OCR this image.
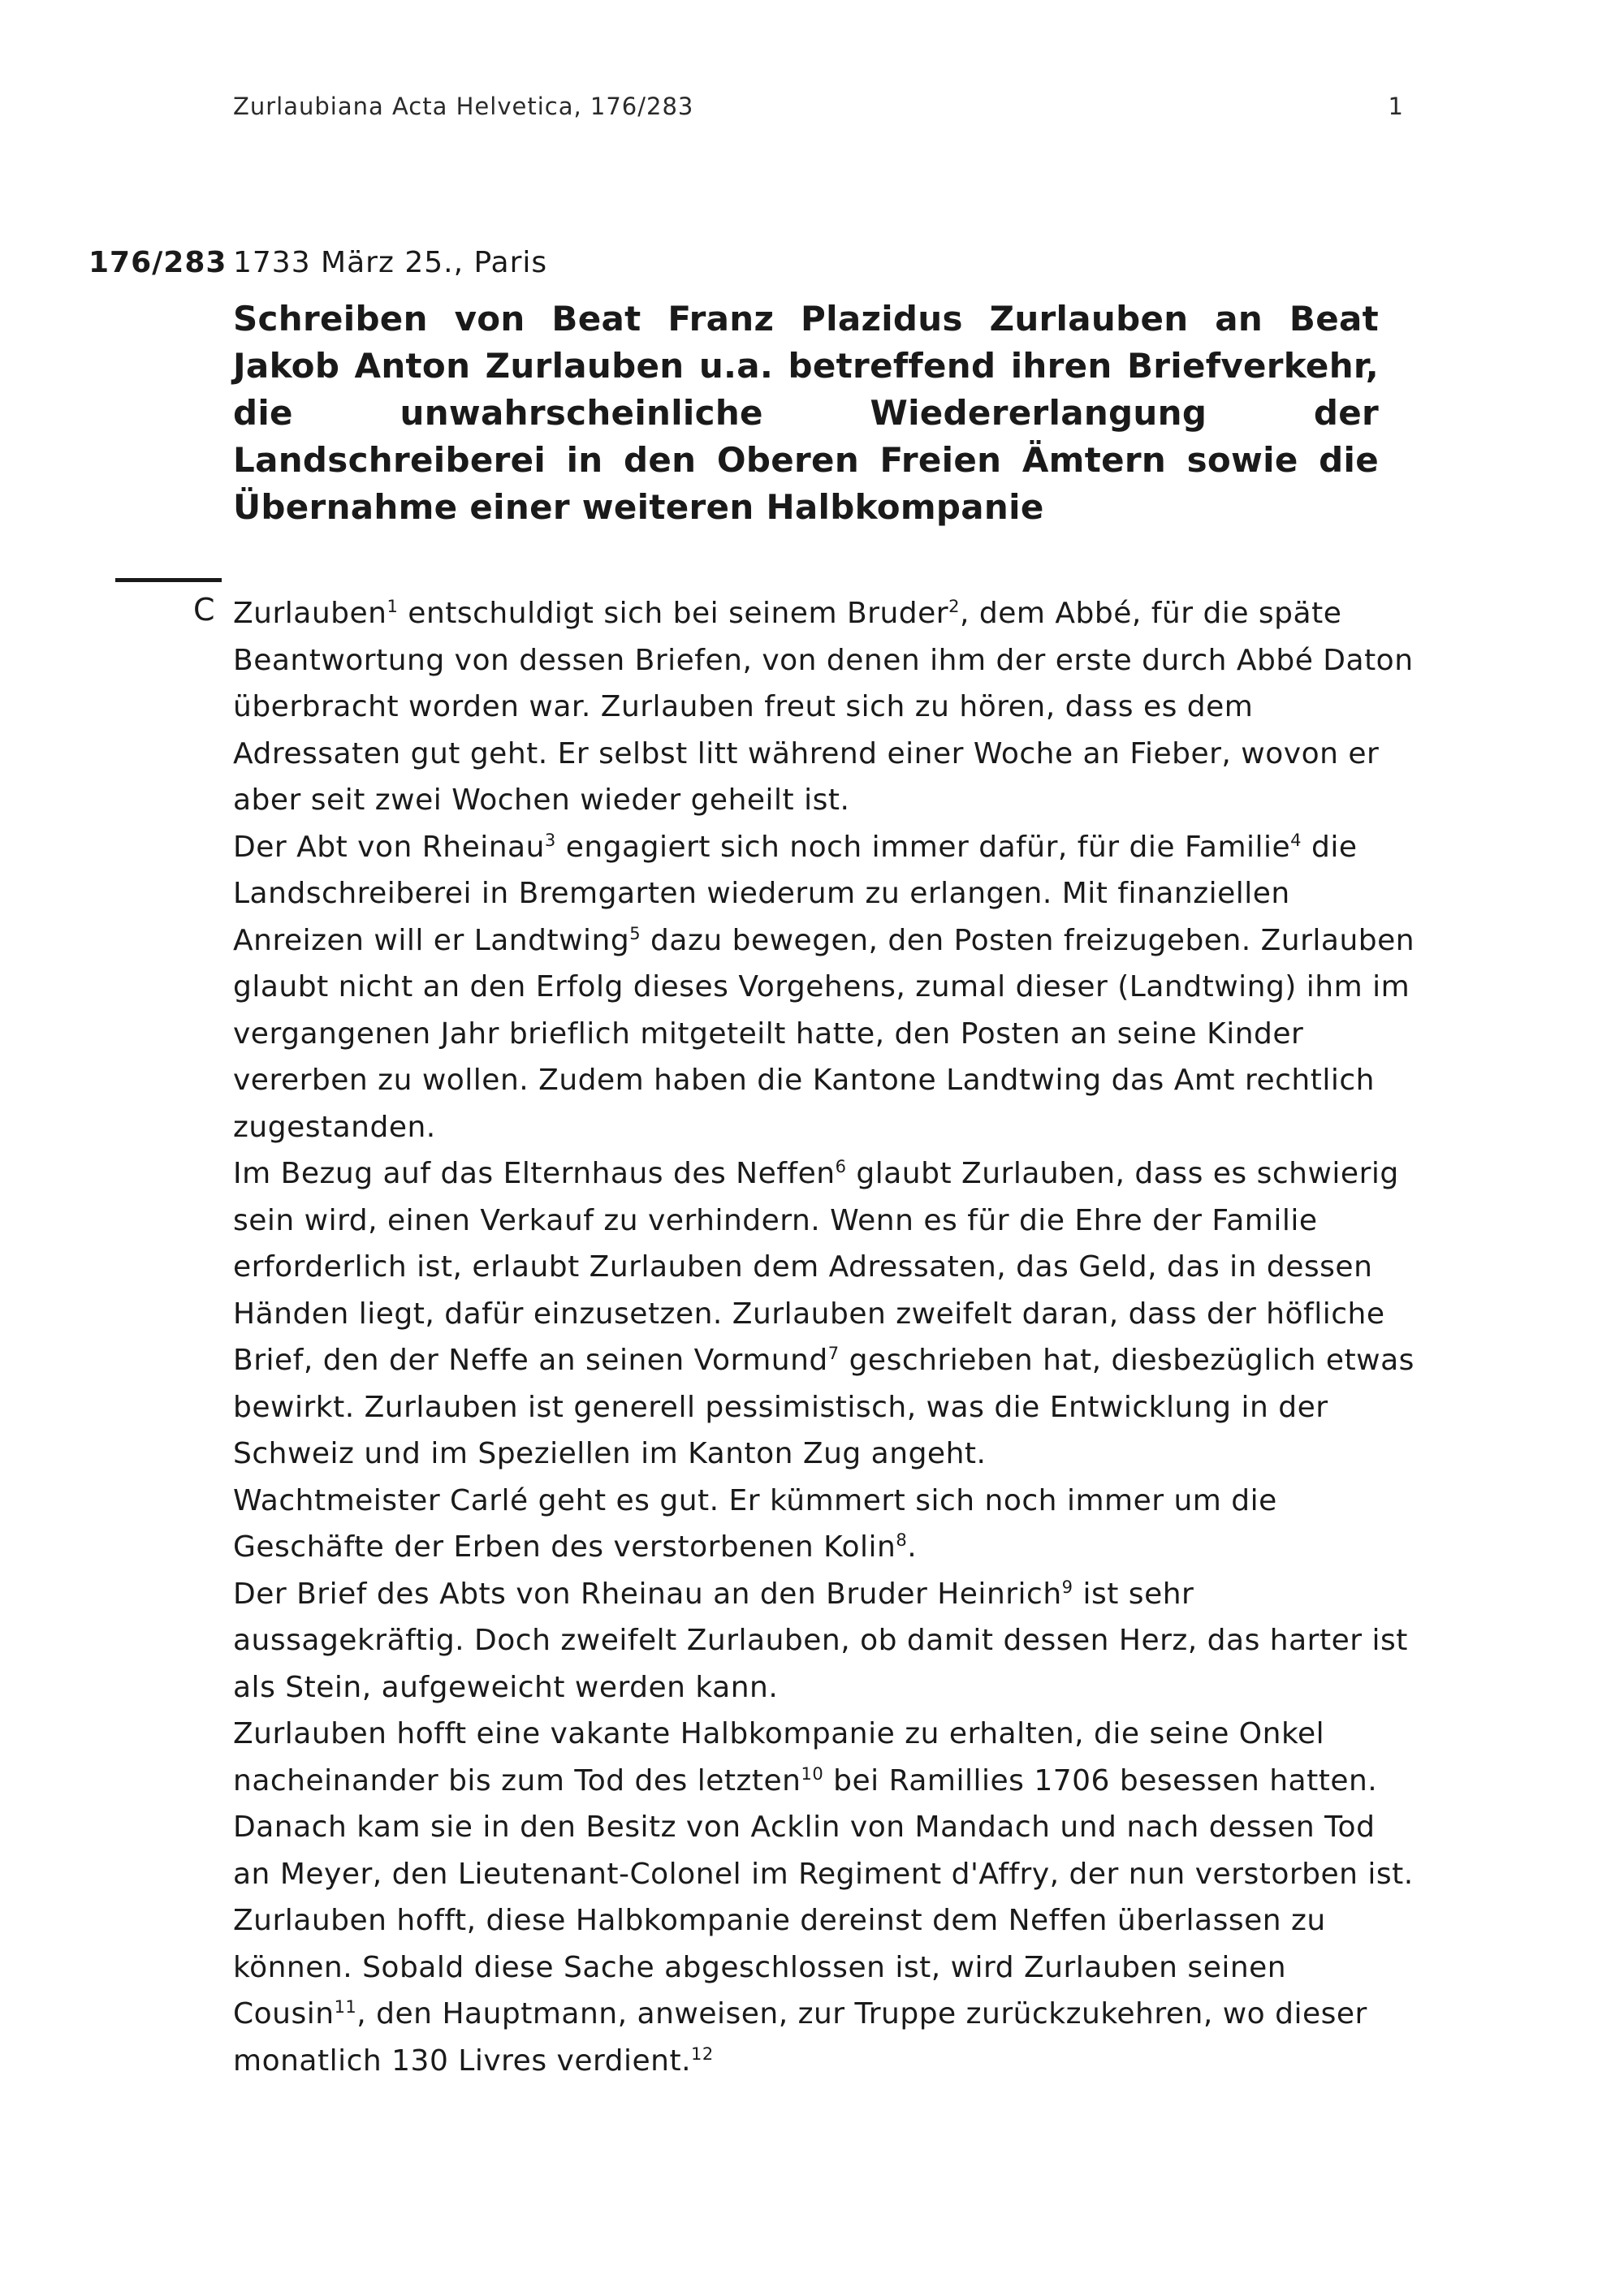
Zurlaubiana Acta Helvetica, 176/283	1
176/283 1733 März 25., Paris
Schreiben von Beat Franz Plazidus Zurlauben an Beat Jakob Anton Zurlauben u.a. betreffend ihren Briefverkehr, die unwahrscheinliche Wiedererlangung der Landschreiberei in den Oberen Freien Ämtern sowie die Übernahme einer weiteren Halbkompanie
C Zurlauben$^1$ entschuldigt sich bei seinem Bruder$^2$, dem Abbé, für die späte Beantwortung von dessen Briefen, von denen ihm der erste durch Abbé Daton überbracht worden war. Zurlauben freut sich zu hören, dass es dem Adressaten gut geht. Er selbst litt während einer Woche an Fieber, wovon er aber seit zwei Wochen wieder geheilt ist.

Der Abt von Rheinau$^3$ engagiert sich noch immer dafür, für die Familie$^4$ die Landschreiberei in Bremgarten wiederum zu erlangen. Mit finanziellen Anreizen will er Landtwing$^5$ dazu bewegen, den Posten freizugeben. Zurlauben glaubt nicht an den Erfolg dieses Vorgehens, zumal dieser (Landtwing) ihm im vergangenen Jahr brieflich mitgeteilt hatte, den Posten an seine Kinder vererben zu wollen. Zudem haben die Kantone Landtwing das Amt rechtlich zugestanden.

Im Bezug auf das Elternhaus des Neffen$^6$ glaubt Zurlauben, dass es schwierig sein wird, einen Verkauf zu verhindern. Wenn es für die Ehre der Familie erforderlich ist, erlaubt Zurlauben dem Adressaten, das Geld, das in dessen Händen liegt, dafür einzusetzen. Zurlauben zweifelt daran, dass der höfliche Brief, den der Neffe an seinen Vormund$^7$ geschrieben hat, diesbezüglich etwas bewirkt. Zurlauben ist generell pessimistisch, was die Entwicklung in der Schweiz und im Speziellen im Kanton Zug angeht.

Wachtmeister Carlé geht es gut. Er kümmert sich noch immer um die Geschäfte der Erben des verstorbenen Kolin$^8$.

Der Brief des Abts von Rheinau an den Bruder Heinrich$^9$ ist sehr aussagekräftig. Doch zweifelt Zurlauben, ob damit dessen Herz, das harter ist als Stein, aufgeweicht werden kann.

Zurlauben hofft eine vakante Halbkompanie zu erhalten, die seine Onkel nacheinander bis zum Tod des letzten$^{10}$ bei Ramillies 1706 besessen hatten. Danach kam sie in den Besitz von Acklin von Mandach und nach dessen Tod an Meyer, den Lieutenant-Colonel im Regiment d'Affry, der nun verstorben ist. Zurlauben hofft, diese Halbkompanie dereinst dem Neffen überlassen zu können. Sobald diese Sache abgeschlossen ist, wird Zurlauben seinen Cousin$^{11}$, den Hauptmann, anweisen, zur Truppe zurückzukehren, wo dieser monatlich 130 Livres verdient.$^{12}$
